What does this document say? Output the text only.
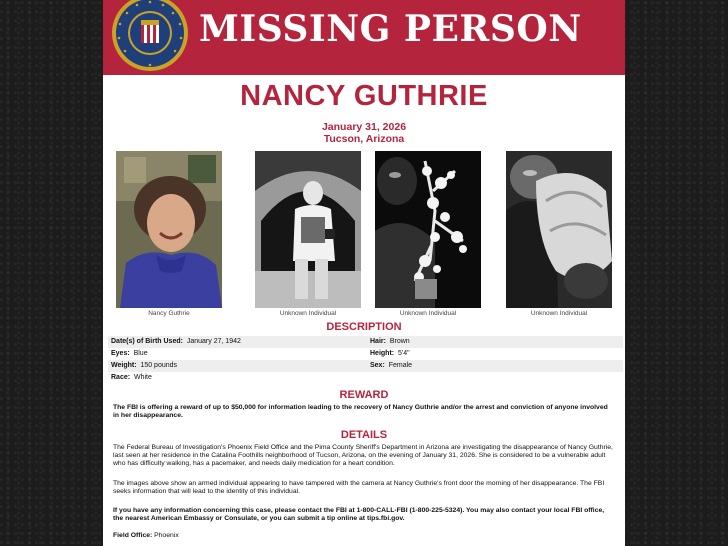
MISSING PERSON
NANCY GUTHRIE
January 31, 2026
Tucson, Arizona
Nancy Guthrie	Unknown Individual	Unknown Individual	Unknown Individual
DESCRIPTION
Date(s) of Birth Used: January 27, 1942	Hair: Brown
Eyes: Blue	Height: 5'4"
Weight: 150 pounds	Sex: Female
Race: White
REWARD
The FBI is offering a reward of up to $50,000 for information leading to the recovery of Nancy Guthrie and/or the arrest and conviction of anyone involved in her disappearance.
DETAILS
The Federal Bureau of Investigation's Phoenix Field Office and the Pima County Sheriff's Department in Arizona are investigating the disappearance of Nancy Guthrie, last seen at her residence in the Catalina Foothills neighborhood of Tucson, Arizona, on the evening of January 31, 2026. She is considered to be a vulnerable adult who has difficulty walking, has a pacemaker, and needs daily medication for a heart condition.
The images above show an armed individual appearing to have tampered with the camera at Nancy Guthrie's front door the morning of her disappearance. The FBI seeks information that will lead to the identity of this individual.
If you have any information concerning this case, please contact the FBI at 1-800-CALL-FBI (1-800-225-5324). You may also contact your local FBI office, the nearest American Embassy or Consulate, or you can submit a tip online at tips.fbi.gov.
Field Office: Phoenix
